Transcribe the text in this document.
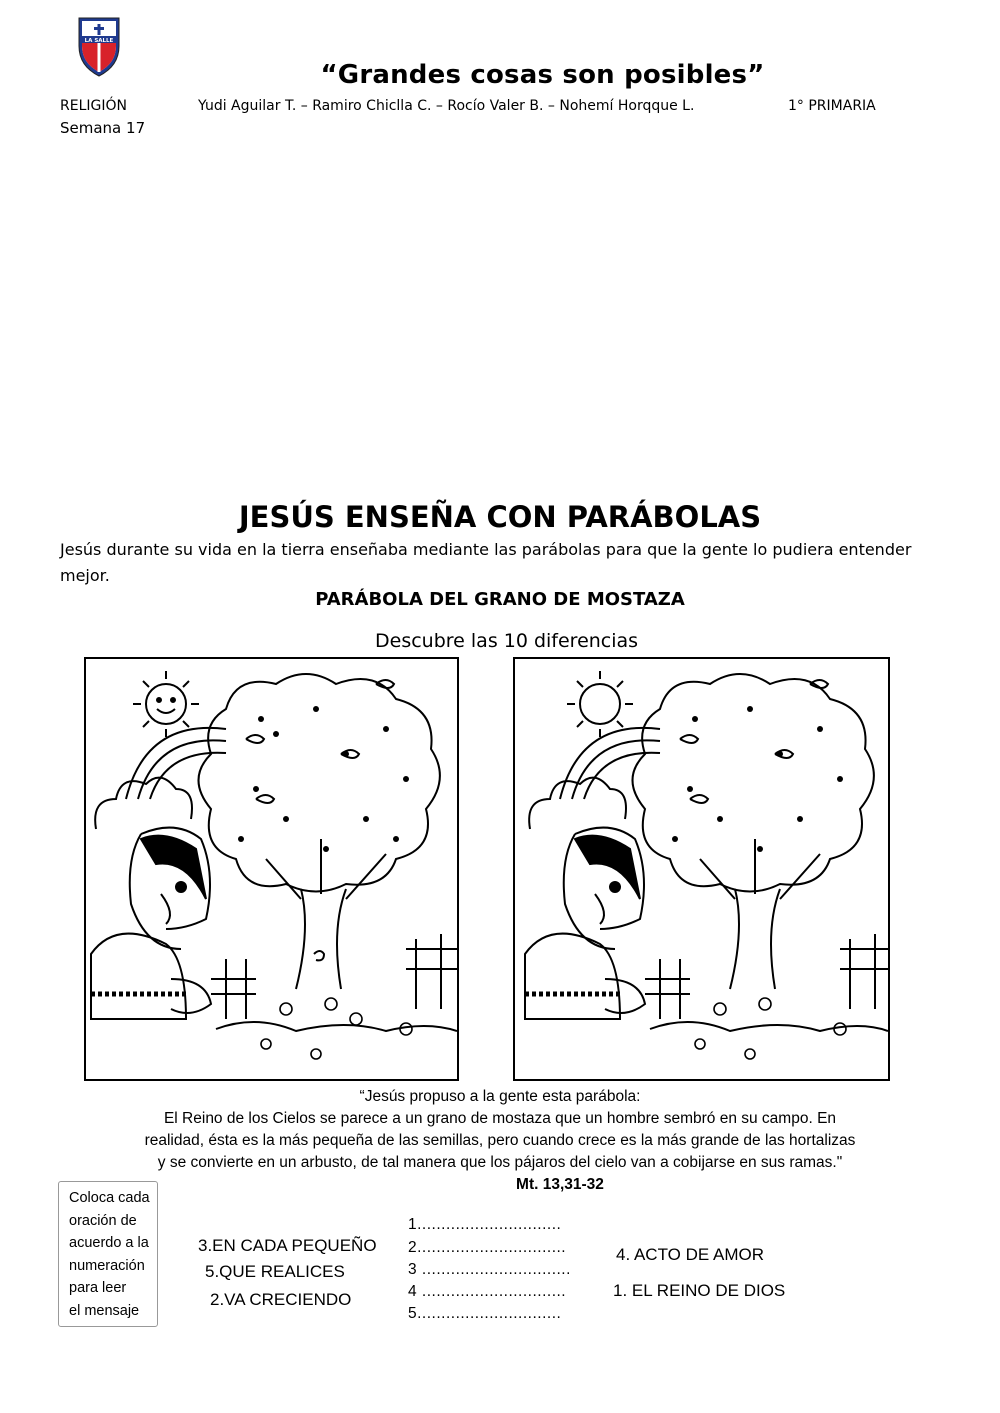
LA SALLE
“Grandes cosas son posibles”
RELIGIÓN	Yudi Aguilar T. – Ramiro Chiclla C. – Rocío Valer B. – Nohemí Horqque L.	1° PRIMARIA
Semana 17
JESÚS ENSEÑA CON PARÁBOLAS
Jesús durante su vida en la tierra enseñaba mediante las parábolas para que la gente lo pudiera entender mejor.
PARÁBOLA DEL GRANO DE MOSTAZA
Descubre las 10 diferencias
“Jesús propuso a la gente esta parábola:
El Reino de los Cielos se parece a un grano de mostaza que un hombre sembró en su campo. En
realidad, ésta es la más pequeña de las semillas, pero cuando crece es la más grande de las hortalizas
y se convierte en un arbusto, de tal manera que los pájaros del cielo van a cobijarse en sus ramas."
Mt. 13,31-32
Coloca cada
oración de
acuerdo a la
numeración
para leer
el mensaje
3.EN CADA PEQUEÑO
5.QUE REALICES
2.VA CRECIENDO
1..............................
2...............................
3 ...............................
4 ..............................
5..............................
4. ACTO DE AMOR
1. EL REINO DE DIOS
